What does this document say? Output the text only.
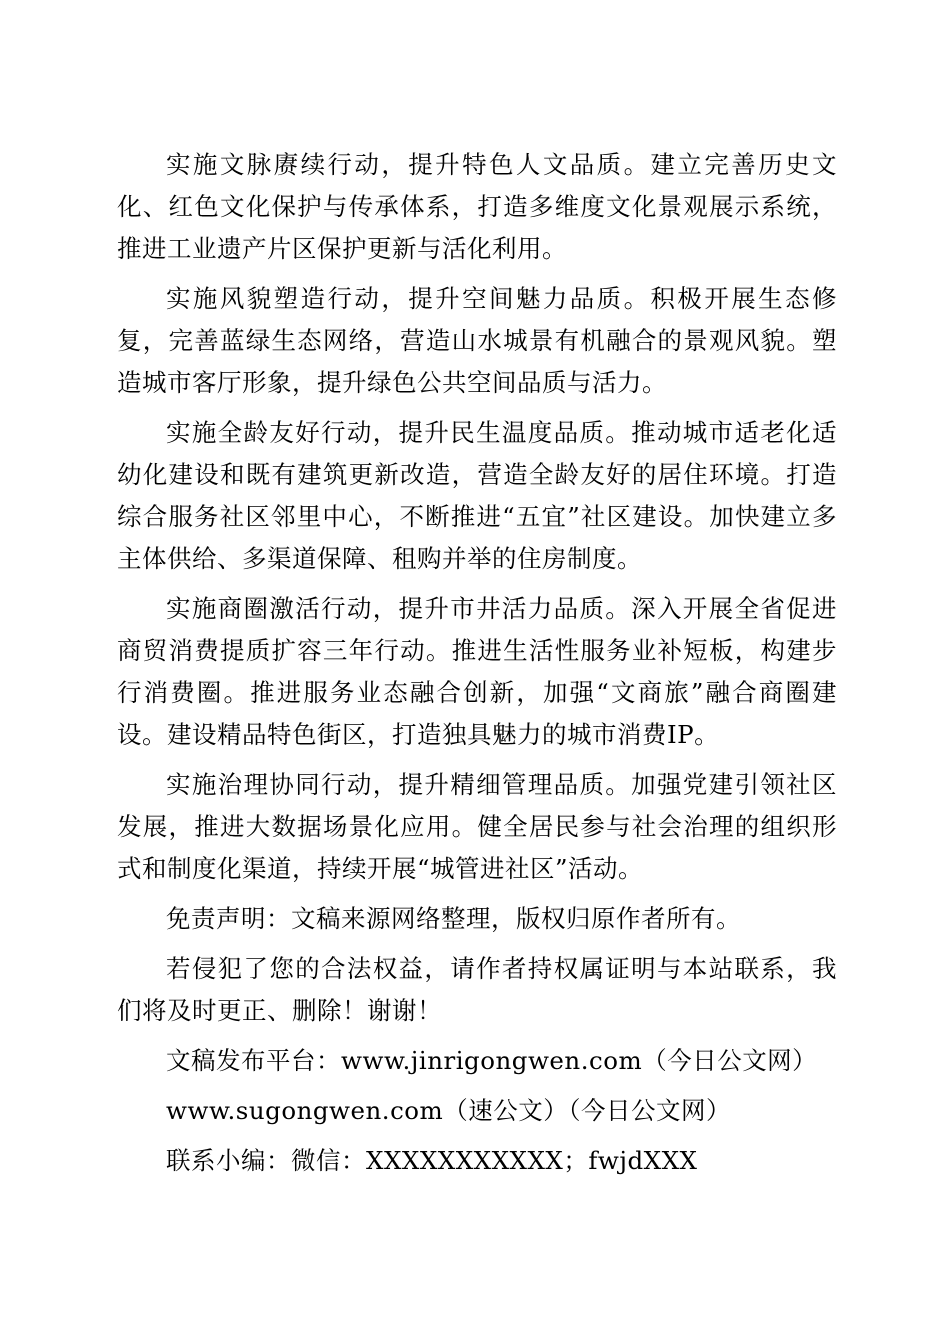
实施文脉赓续行动，提升特色人文品质。建立完善历史文化、红色文化保护与传承体系，打造多维度文化景观展示系统，推进工业遗产片区保护更新与活化利用。

实施风貌塑造行动，提升空间魅力品质。积极开展生态修复，完善蓝绿生态网络，营造山水城景有机融合的景观风貌。塑造城市客厅形象，提升绿色公共空间品质与活力。

实施全龄友好行动，提升民生温度品质。推动城市适老化适幼化建设和既有建筑更新改造，营造全龄友好的居住环境。打造综合服务社区邻里中心，不断推进“五宜”社区建设。加快建立多主体供给、多渠道保障、租购并举的住房制度。

实施商圈激活行动，提升市井活力品质。深入开展全省促进商贸消费提质扩容三年行动。推进生活性服务业补短板，构建步行消费圈。推进服务业态融合创新，加强“文商旅”融合商圈建设。建设精品特色街区，打造独具魅力的城市消费IP。

实施治理协同行动，提升精细管理品质。加强党建引领社区发展，推进大数据场景化应用。健全居民参与社会治理的组织形式和制度化渠道，持续开展“城管进社区”活动。

免责声明：文稿来源网络整理，版权归原作者所有。

若侵犯了您的合法权益，请作者持权属证明与本站联系，我们将及时更正、删除！谢谢！

文稿发布平台：www.jinrigongwen.com（今日公文网）
www.sugongwen.com（速公文）（今日公文网）
联系小编：微信：XXXXXXXXXXX；fwjdXXX
